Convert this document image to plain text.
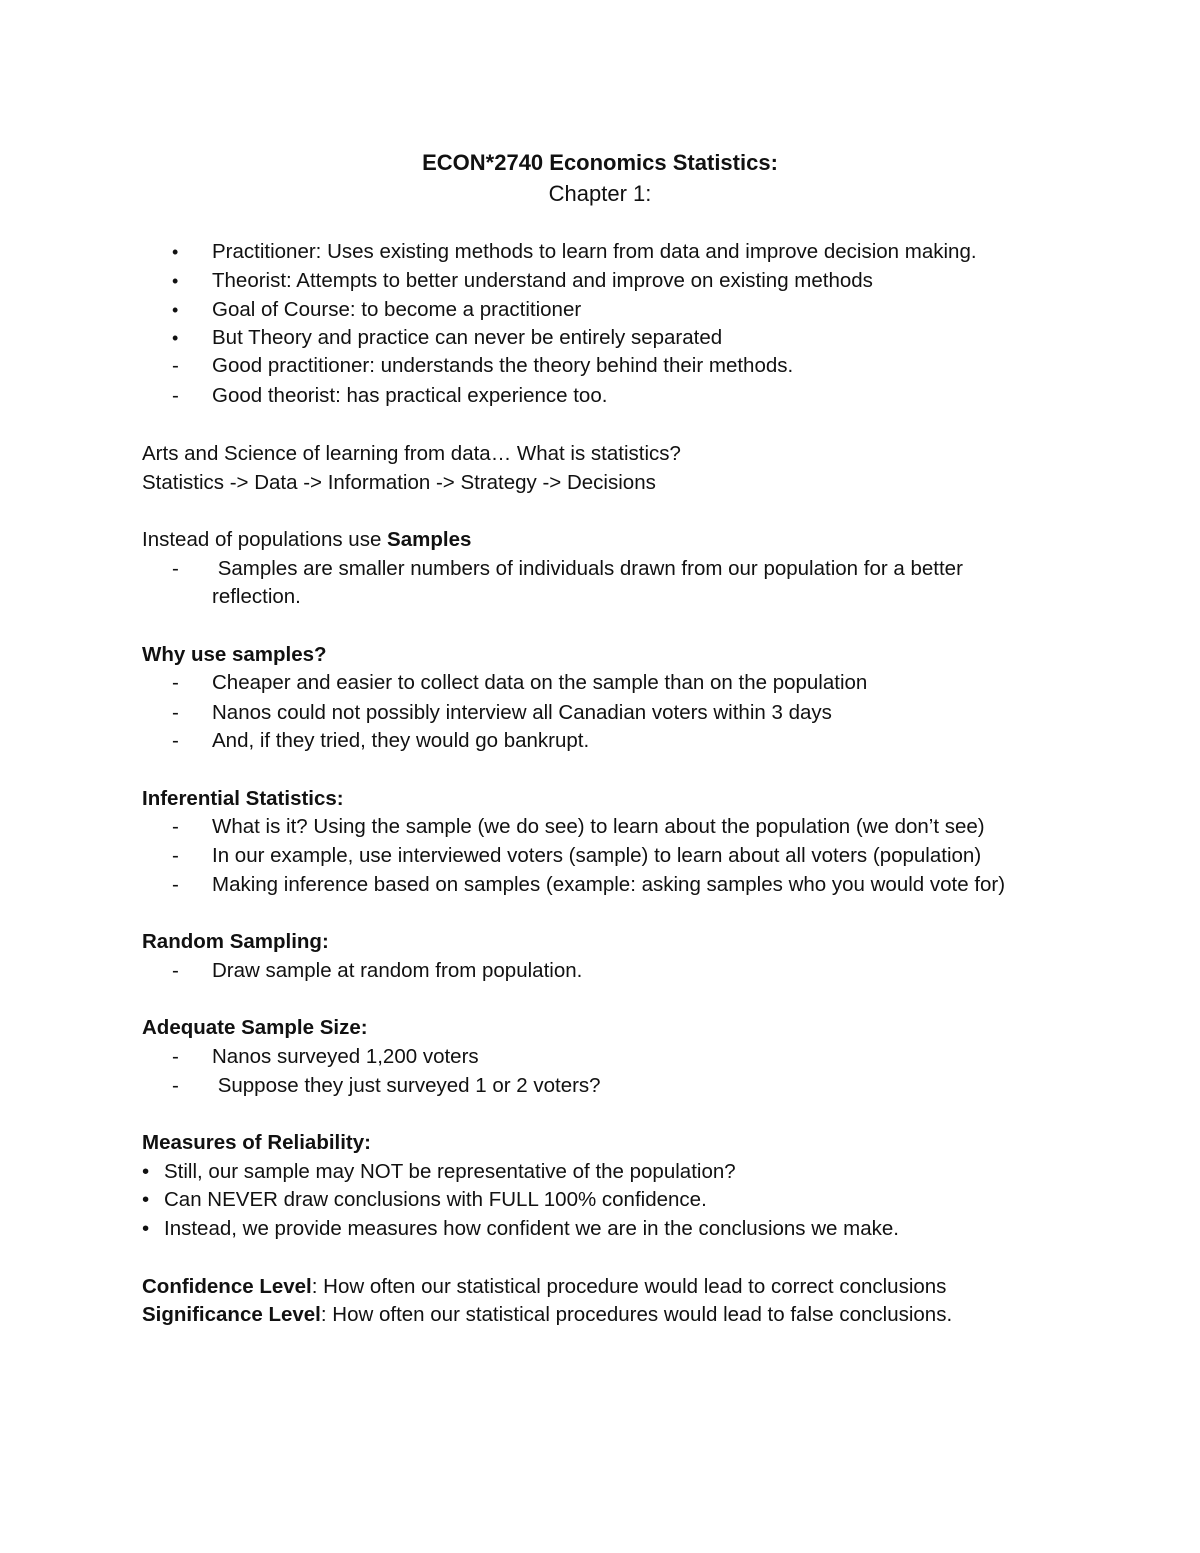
ECON*2740 Economics Statistics:
Chapter 1:
• Practitioner: Uses existing methods to learn from data and improve decision making.
• Theorist: Attempts to better understand and improve on existing methods
• Goal of Course: to become a practitioner
• But Theory and practice can never be entirely separated
- Good practitioner: understands the theory behind their methods.
- Good theorist: has practical experience too.
Arts and Science of learning from data… What is statistics?
Statistics -> Data -> Information -> Strategy -> Decisions
Instead of populations use Samples
- Samples are smaller numbers of individuals drawn from our population for a better
reflection.
Why use samples?
- Cheaper and easier to collect data on the sample than on the population
- Nanos could not possibly interview all Canadian voters within 3 days
- And, if they tried, they would go bankrupt.
Inferential Statistics:
- What is it? Using the sample (we do see) to learn about the population (we don’t see)
- In our example, use interviewed voters (sample) to learn about all voters (population)
- Making inference based on samples (example: asking samples who you would vote for)
Random Sampling:
- Draw sample at random from population.
Adequate Sample Size:
- Nanos surveyed 1,200 voters
- Suppose they just surveyed 1 or 2 voters?
Measures of Reliability:
• Still, our sample may NOT be representative of the population?
• Can NEVER draw conclusions with FULL 100% confidence.
• Instead, we provide measures how confident we are in the conclusions we make.
Confidence Level: How often our statistical procedure would lead to correct conclusions
Significance Level: How often our statistical procedures would lead to false conclusions.
